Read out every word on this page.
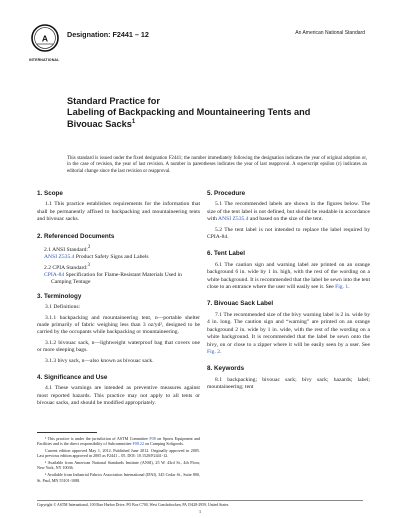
A
INTERNATIONAL
Designation: F2441 – 12	An American National Standard
Standard Practice for
Labeling of Backpacking and Mountaineering Tents and
Bivouac Sacks$^1$
This standard is issued under the fixed designation F2441; the number immediately following the designation indicates the year of original adoption or, in the case of revision, the year of last revision. A number in parentheses indicates the year of last reapproval. A superscript epsilon (ε) indicates an editorial change since the last revision or reapproval.
1. Scope
1.1 This practice establishes requirements for the information that shall be permanently affixed to backpacking and mountaineering tents and bivouac sacks.
2. Referenced Documents
2.1 ANSI Standard:$^2$
ANSI Z535.4 Product Safety Signs and Labels
2.2 CPIA Standard:$^3$
CPIA-84 Specification for Flame-Resistant Materials Used in Camping Tentage
3. Terminology
3.1 Definitions:
3.1.1 backpacking and mountaineering tent, n—portable shelter made primarily of fabric weighing less than 3 oz/yd², designed to be carried by the occupants while backpacking or mountaineering.
3.1.2 bivouac sack, n—lightweight waterproof bag that covers one or more sleeping bags.
3.1.3 bivy sack, n—also known as bivouac sack.
4. Significance and Use
4.1 These warnings are intended as preventive measures against most reported hazards. This practice may not apply to all tents or bivouac sacks, and should be modified appropriately.
5. Procedure
5.1 The recommended labels are shown in the figures below. The size of the tent label is not defined, but should be readable in accordance with ANSI Z535.4 and based on the size of the tent.
5.2 The tent label is not intended to replace the label required by CPIA-84.
6. Tent Label
6.1 The caution sign and warning label are printed on an orange background 6 in. wide by 1 in. high, with the rest of the wording on a white background. It is recommended that the label be sewn into the tent close to an entrance where the user will easily see it. See Fig. 1.
7. Bivouac Sack Label
7.1 The recommended size of the bivy warning label is 2 in. wide by 4 in. long. The caution sign and “warning” are printed on an orange background 2 in. wide by 1 in. wide, with the rest of the wording on a white background. It is recommended that the label be sewn onto the bivy, on or close to a zipper where it will be easily seen by a user. See Fig. 2.
8. Keywords
8.1 backpacking; bivouac sack; bivy sack; hazards; label; mountaineering; tent
¹ This practice is under the jurisdiction of ASTM Committee F08 on Sports Equipment and Facilities and is the direct responsibility of Subcommittee F08.22 on Camping Softgoods.
Current edition approved May 1, 2012. Published June 2012. Originally approved in 2005. Last previous edition approved in 2005 as F2441 – 05. DOI: 10.1520/F2441-12.
² Available from American National Standards Institute (ANSI), 25 W. 43rd St., 4th Floor, New York, NY 10036.
³ Available from Industrial Fabrics Association International (IFAI), 345 Cedar St., Suite 800, St. Paul, MN 55101-1088.
Copyright © ASTM International, 100 Barr Harbor Drive, PO Box C700, West Conshohocken, PA 19428-2959, United States.
1
